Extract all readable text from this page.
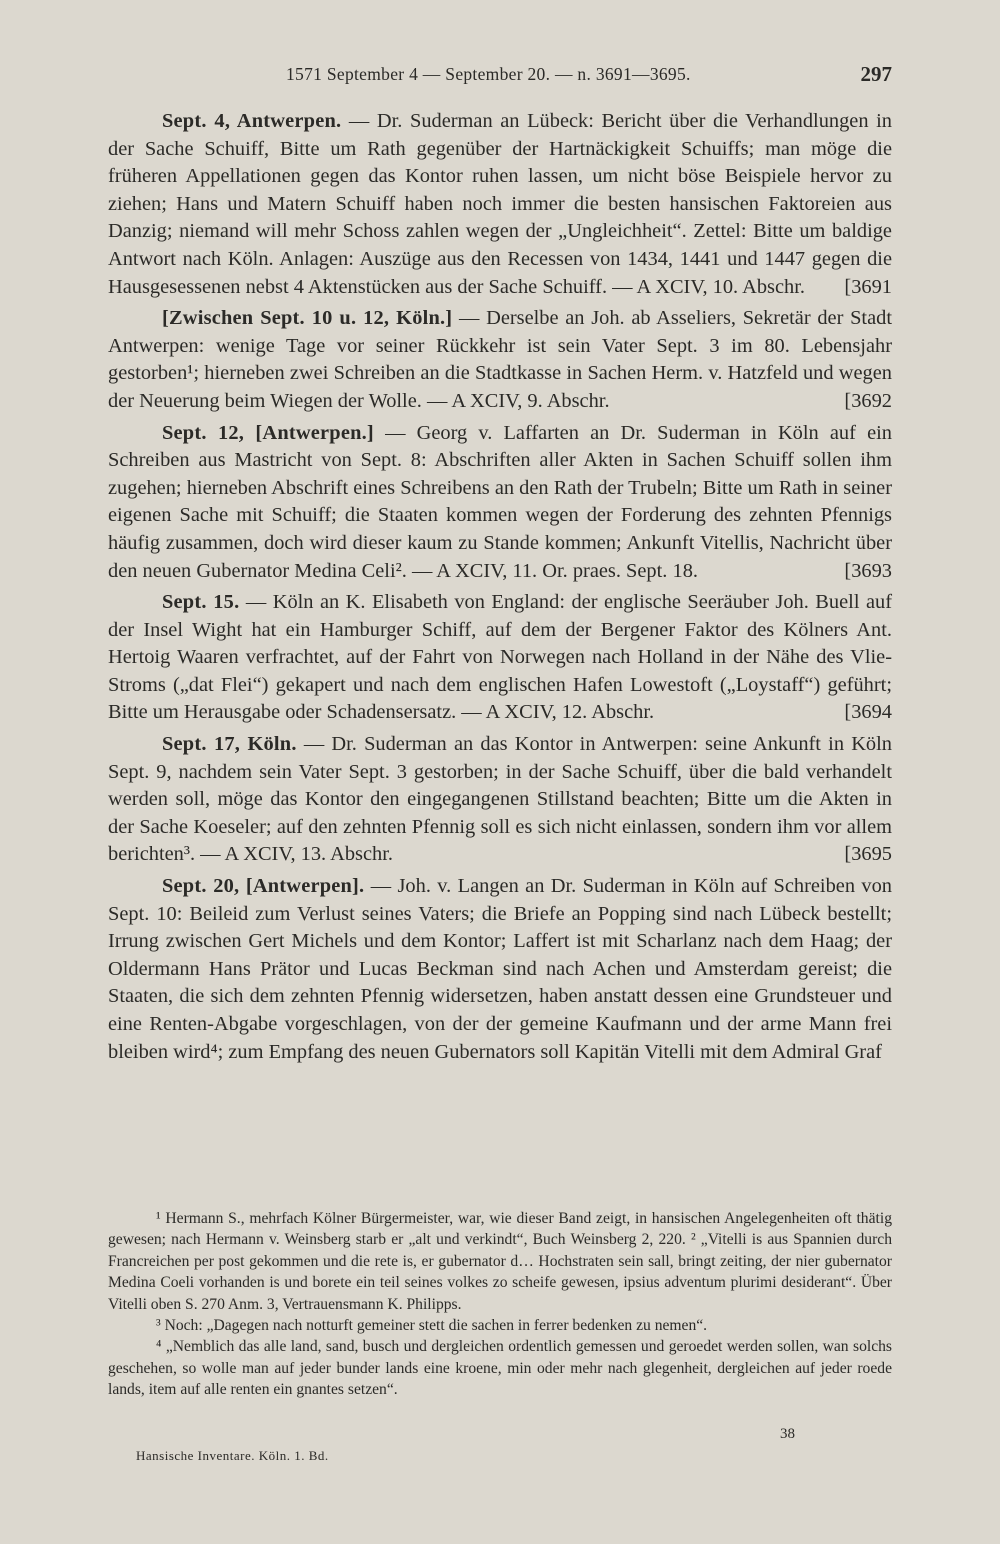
1571 September 4 — September 20. — n. 3691—3695.	297

Sept. 4, Antwerpen. — Dr. Suderman an Lübeck: Bericht über die Verhandlungen in der Sache Schuiff, Bitte um Rath gegenüber der Hartnäckigkeit Schuiffs; man möge die früheren Appellationen gegen das Kontor ruhen lassen, um nicht böse Beispiele hervor zu ziehen; Hans und Matern Schuiff haben noch immer die besten hansischen Faktoreien aus Danzig; niemand will mehr Schoss zahlen wegen der „Ungleichheit“. Zettel: Bitte um baldige Antwort nach Köln. Anlagen: Auszüge aus den Recessen von 1434, 1441 und 1447 gegen die Hausgesessenen nebst 4 Aktenstücken aus der Sache Schuiff. — A XCIV, 10. Abschr. [3691

[Zwischen Sept. 10 u. 12, Köln.] — Derselbe an Joh. ab Asseliers, Sekretär der Stadt Antwerpen: wenige Tage vor seiner Rückkehr ist sein Vater Sept. 3 im 80. Lebensjahr gestorben¹; hierneben zwei Schreiben an die Stadtkasse in Sachen Herm. v. Hatzfeld und wegen der Neuerung beim Wiegen der Wolle. — A XCIV, 9. Abschr.	[3692

Sept. 12, [Antwerpen.] — Georg v. Laffarten an Dr. Suderman in Köln auf ein Schreiben aus Mastricht von Sept. 8: Abschriften aller Akten in Sachen Schuiff sollen ihm zugehen; hierneben Abschrift eines Schreibens an den Rath der Trubeln; Bitte um Rath in seiner eigenen Sache mit Schuiff; die Staaten kommen wegen der Forderung des zehnten Pfennigs häufig zusammen, doch wird dieser kaum zu Stande kommen; Ankunft Vitellis, Nachricht über den neuen Gubernator Medina Celi². — A XCIV, 11. Or. praes. Sept. 18.	[3693

Sept. 15. — Köln an K. Elisabeth von England: der englische Seeräuber Joh. Buell auf der Insel Wight hat ein Hamburger Schiff, auf dem der Bergener Faktor des Kölners Ant. Hertoig Waaren verfrachtet, auf der Fahrt von Norwegen nach Holland in der Nähe des Vlie-Stroms („dat Flei“) gekapert und nach dem englischen Hafen Lowestoft („Loystaff“) geführt; Bitte um Herausgabe oder Schadensersatz. — A XCIV, 12. Abschr.	[3694

Sept. 17, Köln. — Dr. Suderman an das Kontor in Antwerpen: seine Ankunft in Köln Sept. 9, nachdem sein Vater Sept. 3 gestorben; in der Sache Schuiff, über die bald verhandelt werden soll, möge das Kontor den eingegangenen Stillstand beachten; Bitte um die Akten in der Sache Koeseler; auf den zehnten Pfennig soll es sich nicht einlassen, sondern ihm vor allem berichten³. — A XCIV, 13. Abschr.	[3695

Sept. 20, [Antwerpen]. — Joh. v. Langen an Dr. Suderman in Köln auf Schreiben von Sept. 10: Beileid zum Verlust seines Vaters; die Briefe an Popping sind nach Lübeck bestellt; Irrung zwischen Gert Michels und dem Kontor; Laffert ist mit Scharlanz nach dem Haag; der Oldermann Hans Prätor und Lucas Beckman sind nach Achen und Amsterdam gereist; die Staaten, die sich dem zehnten Pfennig widersetzen, haben anstatt dessen eine Grundsteuer und eine Renten-Abgabe vorgeschlagen, von der der gemeine Kaufmann und der arme Mann frei bleiben wird⁴; zum Empfang des neuen Gubernators soll Kapitän Vitelli mit dem Admiral Graf

¹ Hermann S., mehrfach Kölner Bürgermeister, war, wie dieser Band zeigt, in hansischen Angelegenheiten oft thätig gewesen; nach Hermann v. Weinsberg starb er „alt und verkindt“, Buch Weinsberg 2, 220. ² „Vitelli is aus Spannien durch Francreichen per post gekommen und die rete is, er gubernator d… Hochstraten sein sall, bringt zeiting, der nier gubernator Medina Coeli vorhanden is und borete ein teil seines volkes zo scheife gewesen, ipsius adventum plurimi desiderant“. Über Vitelli oben S. 270 Anm. 3, Vertrauensmann K. Philipps.

³ Noch: „Dagegen nach notturft gemeiner stett die sachen in ferrer bedenken zu nemen“.

⁴ „Nemblich das alle land, sand, busch und dergleichen ordentlich gemessen und geroedet werden sollen, wan solchs geschehen, so wolle man auf jeder bunder lands eine kroene, min oder mehr nach glegenheit, dergleichen auf jeder roede lands, item auf alle renten ein gnantes setzen“.

38
Hansische Inventare. Köln. 1. Bd.
